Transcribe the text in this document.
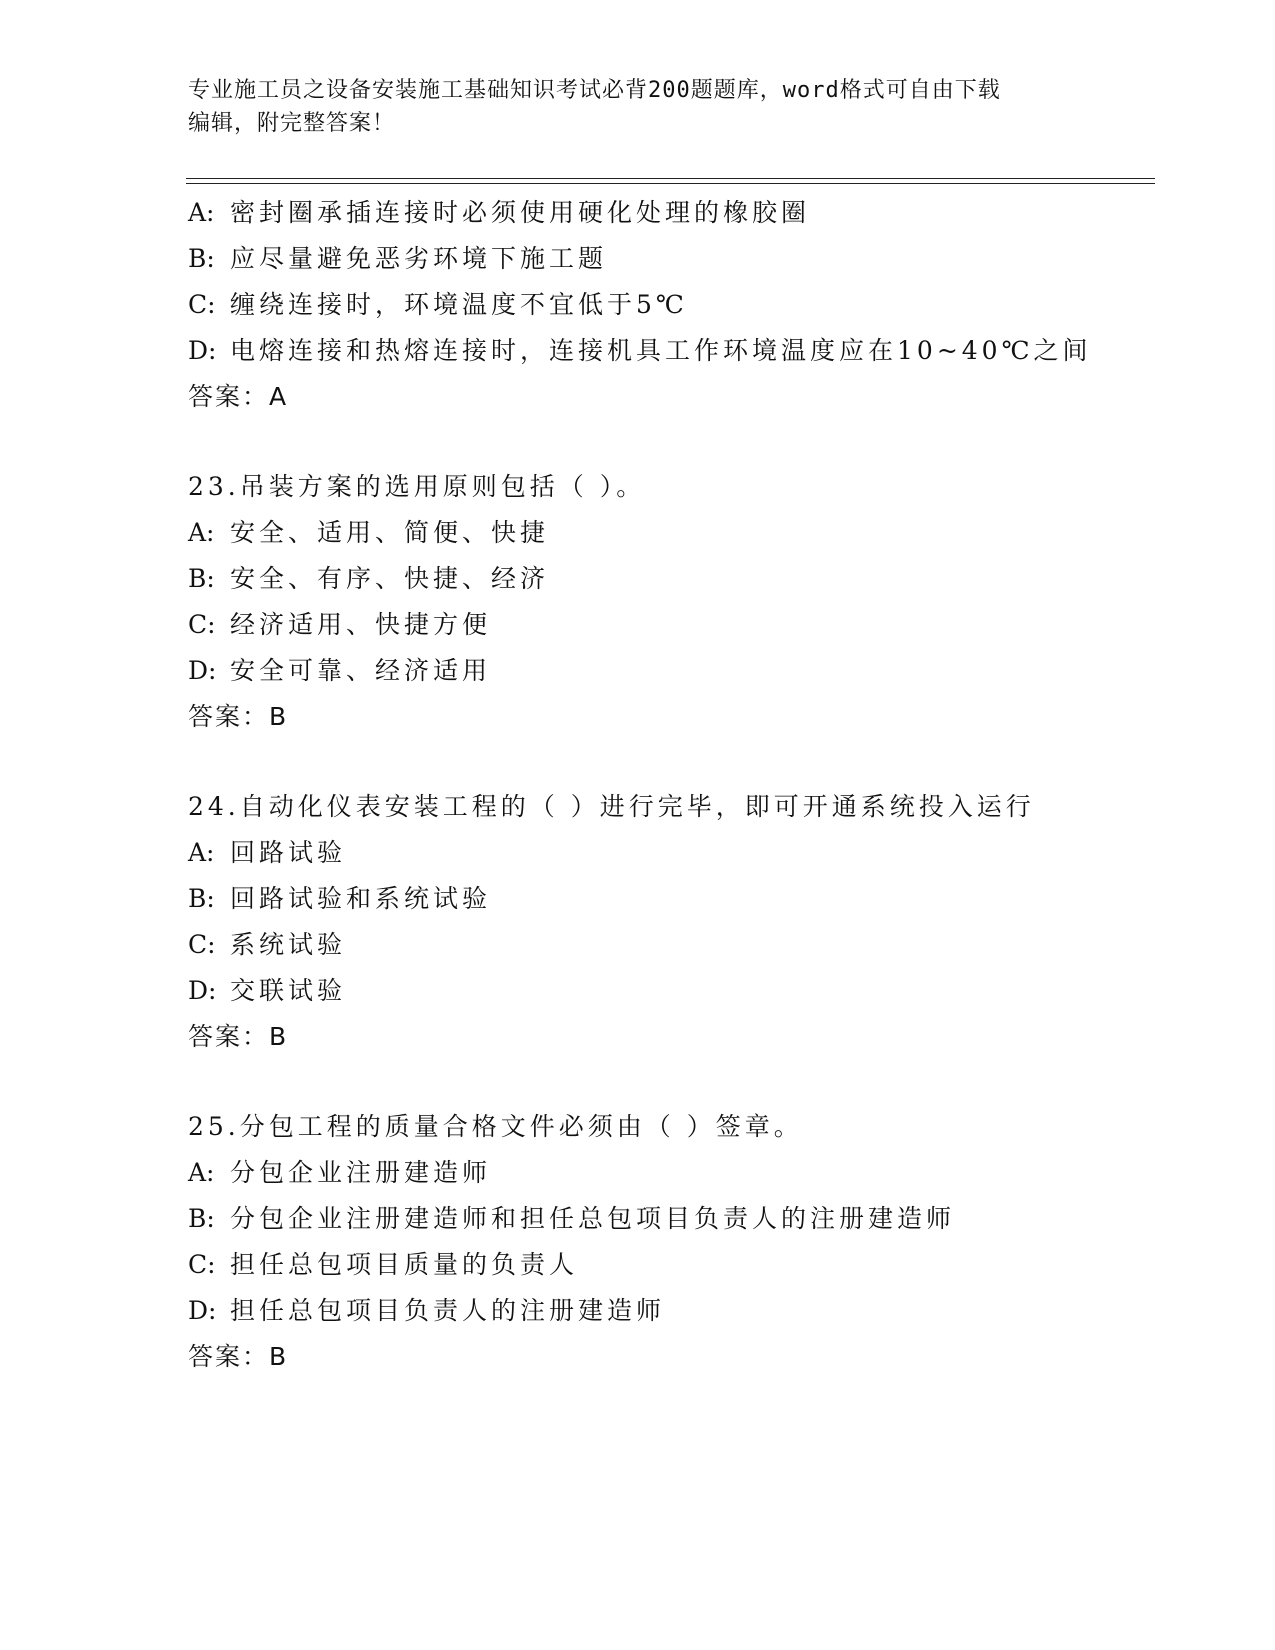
专业施工员之设备安装施工基础知识考试必背200题题库，word格式可自由下载
编辑，附完整答案！
A: 密封圈承插连接时必须使用硬化处理的橡胶圈
B: 应尽量避免恶劣环境下施工题
C: 缠绕连接时，环境温度不宜低于5℃
D: 电熔连接和热熔连接时，连接机具工作环境温度应在10~40℃之间
答案：A
23.吊装方案的选用原则包括（ ）。
A: 安全、适用、简便、快捷
B: 安全、有序、快捷、经济
C: 经济适用、快捷方便
D: 安全可靠、经济适用
答案：B
24.自动化仪表安装工程的（ ）进行完毕，即可开通系统投入运行
A: 回路试验
B: 回路试验和系统试验
C: 系统试验
D: 交联试验
答案：B
25.分包工程的质量合格文件必须由（ ）签章。
A: 分包企业注册建造师
B: 分包企业注册建造师和担任总包项目负责人的注册建造师
C: 担任总包项目质量的负责人
D: 担任总包项目负责人的注册建造师
答案：B
